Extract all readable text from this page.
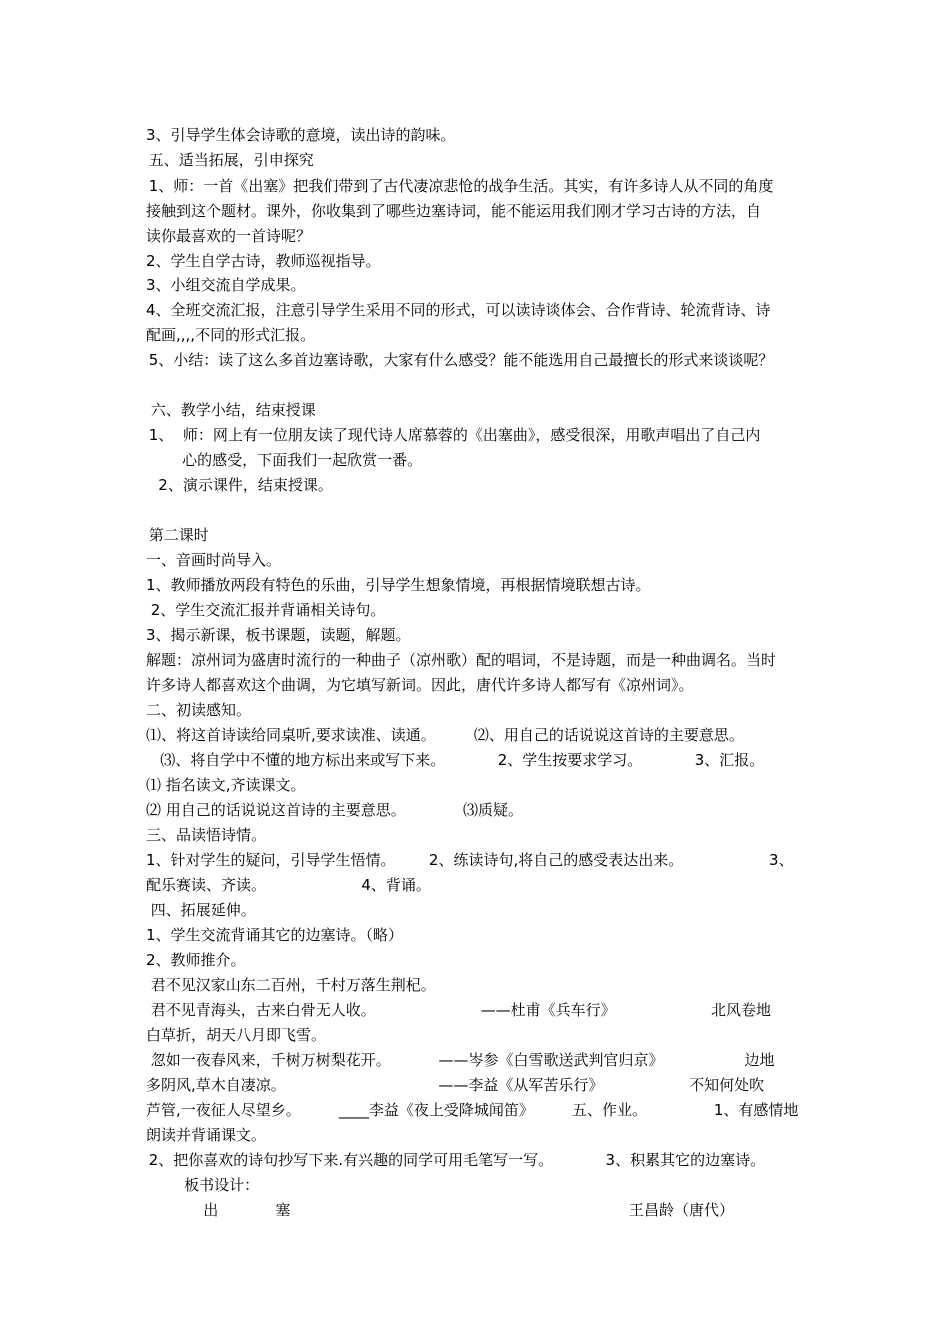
3、引导学生体会诗歌的意境，读出诗的韵味。
五、适当拓展，引申探究
1、师：一首《出塞》把我们带到了古代凄凉悲怆的战争生活。其实，有许多诗人从不同的角度
接触到这个题材。课外，你收集到了哪些边塞诗词，能不能运用我们刚才学习古诗的方法，自
读你最喜欢的一首诗呢？
2、学生自学古诗，教师巡视指导。
3、小组交流自学成果。
4、全班交流汇报，注意引导学生采用不同的形式，可以读诗谈体会、合作背诗、轮流背诗、诗
配画,,,,不同的形式汇报。
5、小结：读了这么多首边塞诗歌，大家有什么感受？能不能选用自己最擅长的形式来谈谈呢？
六、教学小结，结束授课
1、  师：网上有一位朋友读了现代诗人席慕蓉的《出塞曲》，感受很深，用歌声唱出了自己内
心的感受，下面我们一起欣赏一番。
2、演示课件，结束授课。
第二课时
一、音画时尚导入。
1、教师播放两段有特色的乐曲，引导学生想象情境，再根据情境联想古诗。
2、学生交流汇报并背诵相关诗句。
3、揭示新课，板书课题，读题，解题。
解题：凉州词为盛唐时流行的一种曲子（凉州歌）配的唱词，不是诗题，而是一种曲调名。当时
许多诗人都喜欢这个曲调，为它填写新词。因此，唐代许多诗人都写有《凉州词》。
二、初读感知。
⑴、将这首诗读给同桌听,要求读准、读通。        ⑵、用自己的话说说这首诗的主要意思。
⑶、将自学中不懂的地方标出来或写下来。           2、学生按要求学习。           3、汇报。
⑴ 指名读文,齐读课文。
⑵ 用自己的话说说这首诗的主要意思。            ⑶质疑。
三、品读悟诗情。
1、针对学生的疑问，引导学生悟情。       2、练读诗句,将自己的感受表达出来。                  3、
配乐赛读、齐读。                    4、背诵。
四、拓展延伸。
1、学生交流背诵其它的边塞诗。（略）
2、教师推介。
君不见汉家山东二百州，千村万落生荆杞。
君不见青海头，古来白骨无人收。                      ——杜甫《兵车行》                    北风卷地
白草折，胡天八月即飞雪。
忽如一夜春风来，千树万树梨花开。          ——岑参《白雪歌送武判官归京》                 边地
多阴风,草木自凄凉。                                ——李益《从军苦乐行》                  不知何处吹
芦管,一夜征人尽望乡。        ____李益《夜上受降城闻笛》        五、作业。              1、有感情地
朗读并背诵课文。
2、把你喜欢的诗句抄写下来.有兴趣的同学可用毛笔写一写。           3、积累其它的边塞诗。
板书设计：
出            塞                                                                       王昌龄（唐代）
